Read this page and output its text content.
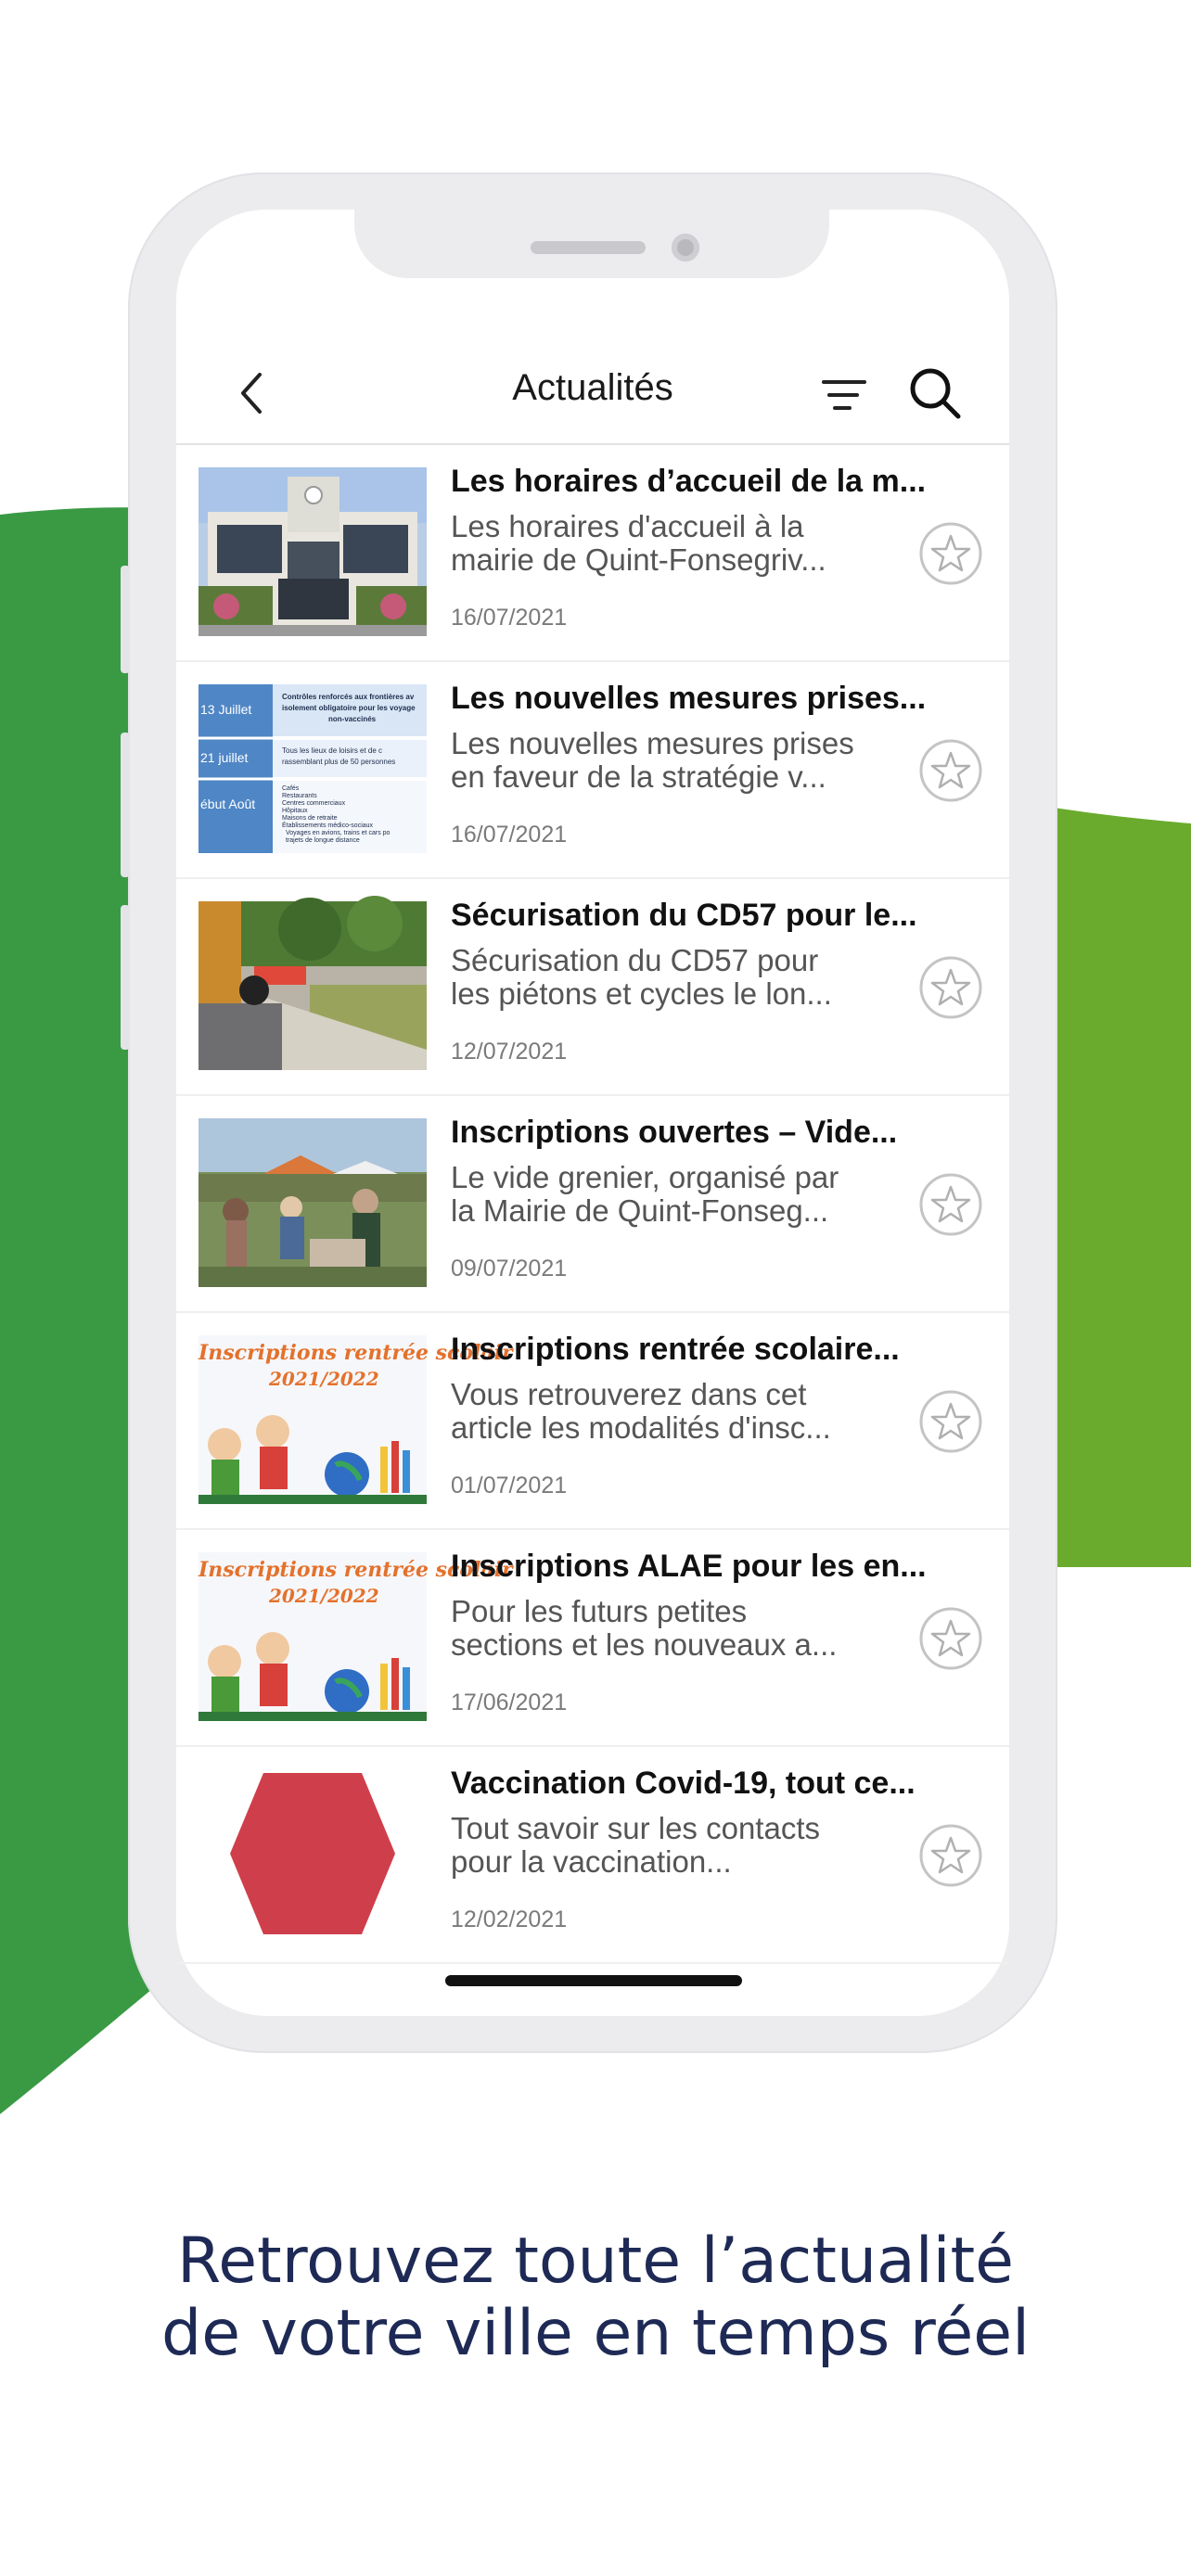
Actualités
Les horaires d’accueil de la m...
Les horaires d'accueil à la
mairie de Quint-Fonsegriv...
16/07/2021
13 Juillet
21 juillet
ébut Août
Contrôles renforcés aux frontières av
isolement obligatoire pour les voyage
non-vaccinés
Tous les lieux de loisirs et de c
rassemblant plus de 50 personnes
Cafés
Restaurants
Centres commerciaux
Hôpitaux
Maisons de retraite
Établissements médico-sociaux
Voyages en avions, trains et cars po
trajets de longue distance
Les nouvelles mesures prises...
Les nouvelles mesures prises
en faveur de la stratégie v...
16/07/2021
Sécurisation du CD57 pour le...
Sécurisation du CD57 pour
les piétons et cycles le lon...
12/07/2021
Inscriptions ouvertes – Vide...
Le vide grenier, organisé par
la Mairie de Quint-Fonseg...
09/07/2021
Inscriptions rentrée scolair
2021/2022
Inscriptions rentrée scolaire...
Vous retrouverez dans cet
article les modalités d'insc...
01/07/2021
Inscriptions rentrée scolair
2021/2022
Inscriptions ALAE pour les en...
Pour les futurs petites
sections et les nouveaux a...
17/06/2021
Vaccination Covid-19, tout ce...
Tout savoir sur les contacts
pour la vaccination...
12/02/2021
Retrouvez toute l’actualité
de votre ville en temps réel
